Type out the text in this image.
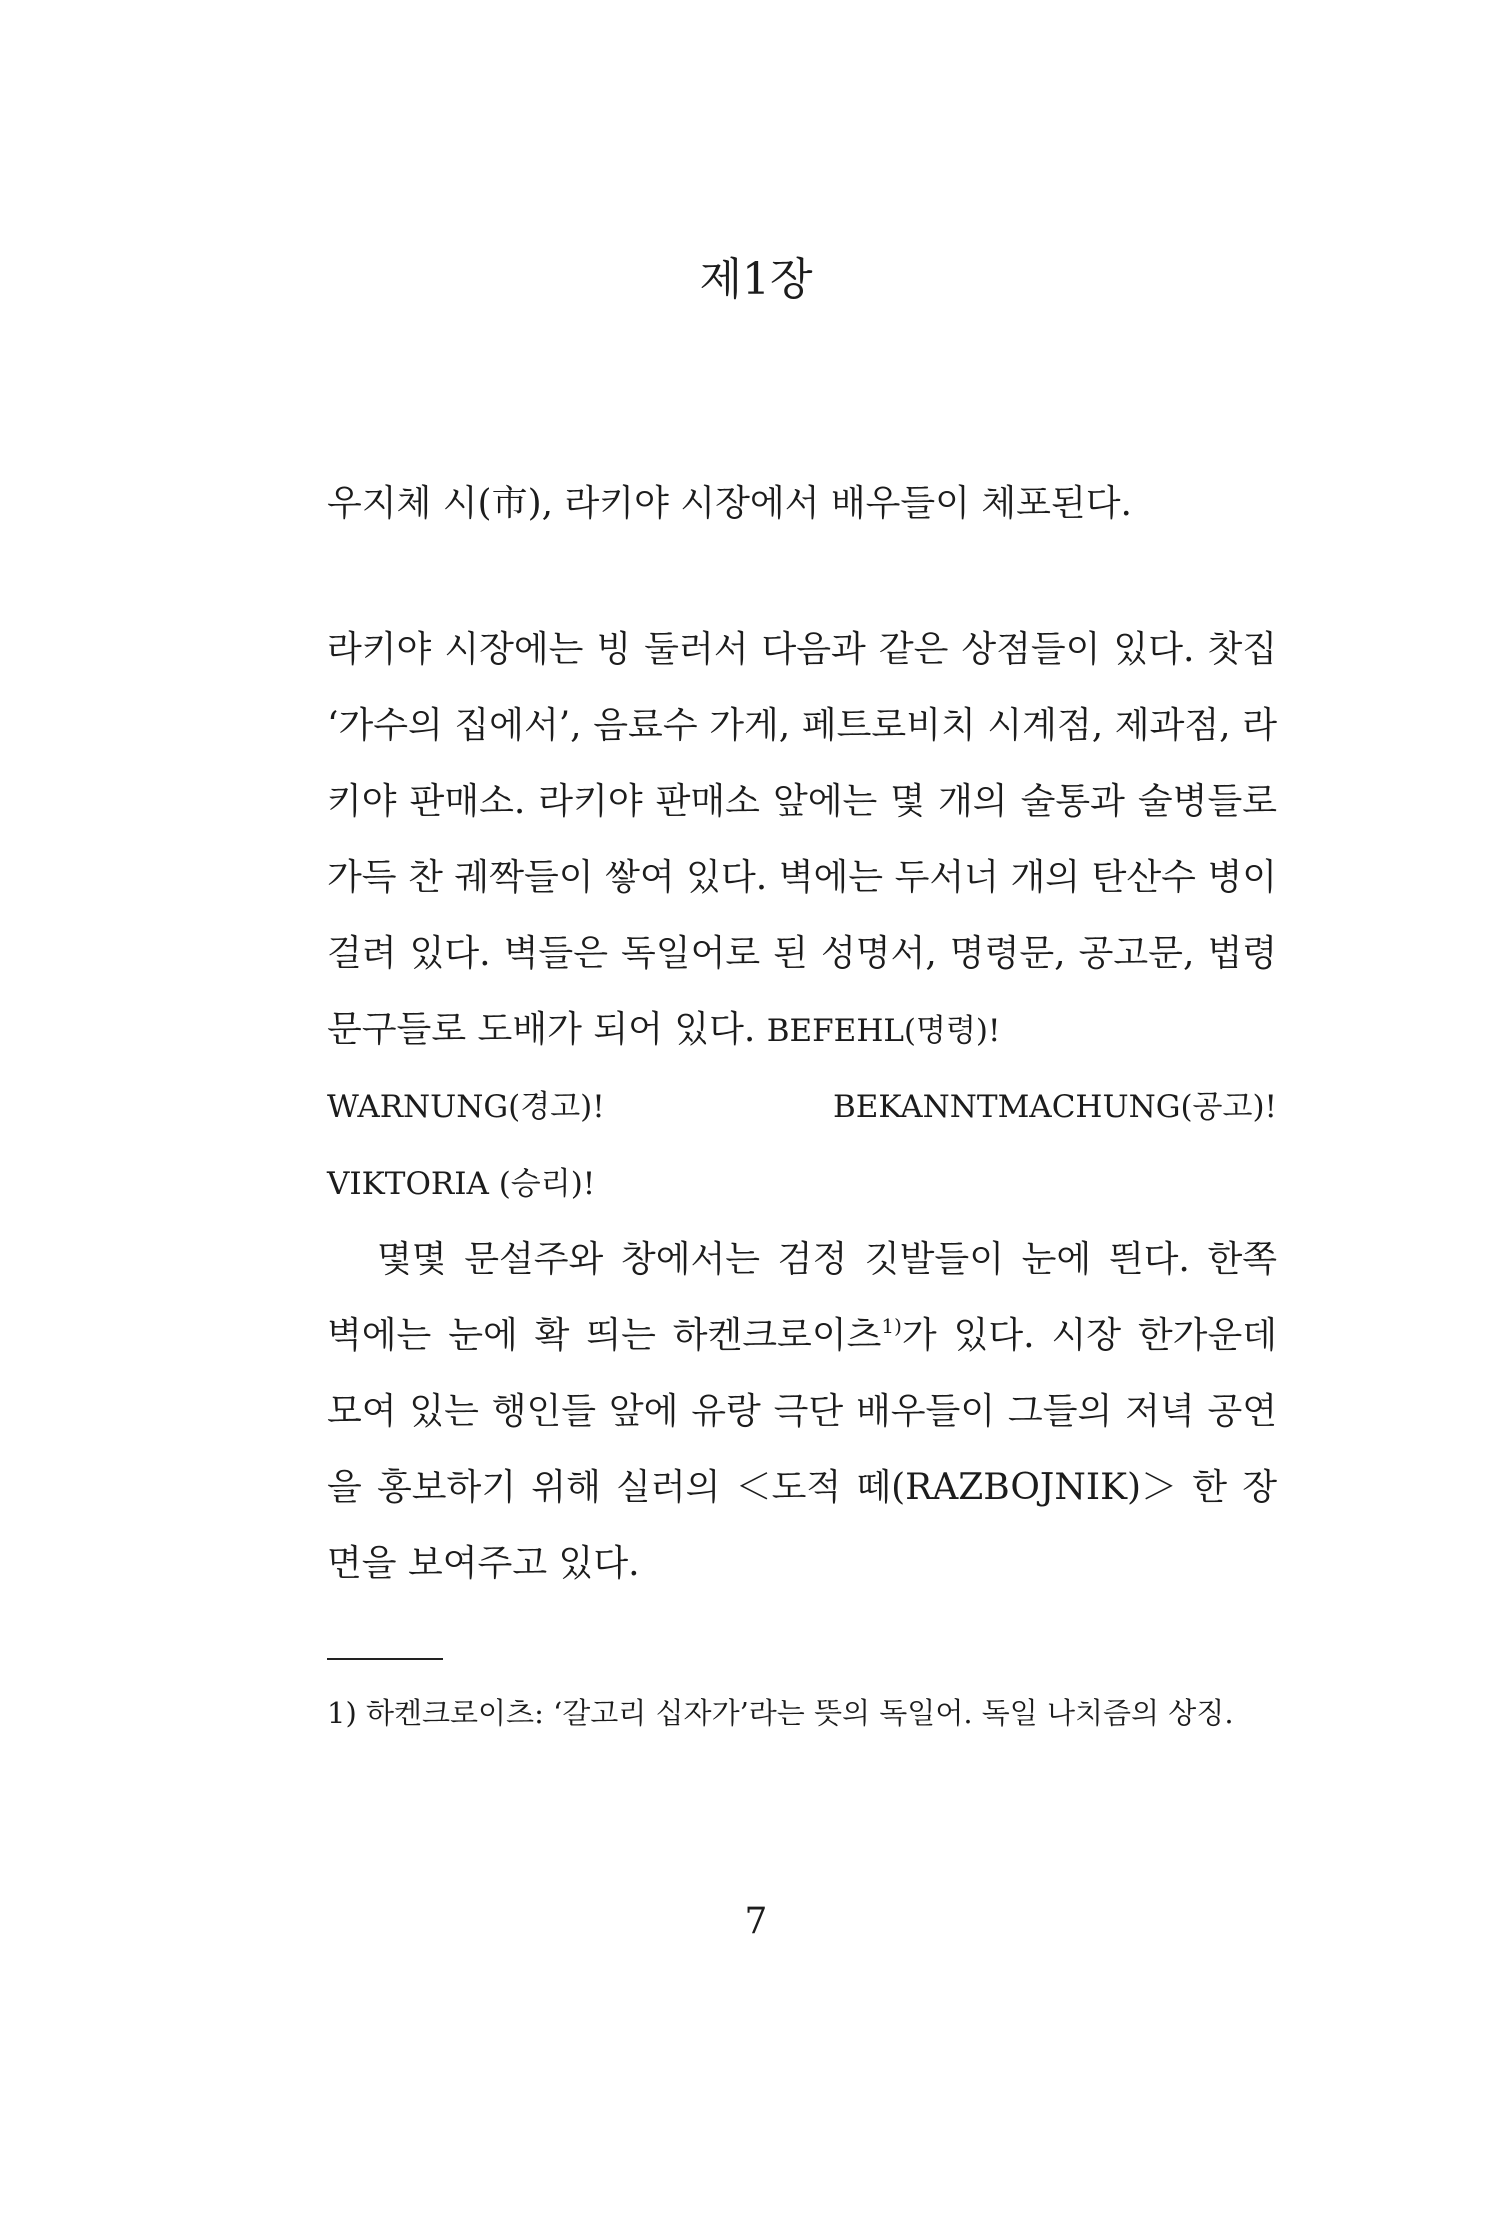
제1장

우지체 시(市), 라키야 시장에서 배우들이 체포된다.

라키야 시장에는 빙 둘러서 다음과 같은 상점들이 있다. 찻집 ‘가수의 집에서’, 음료수 가게, 페트로비치 시계점, 제과점, 라키야 판매소. 라키야 판매소 앞에는 몇 개의 술통과 술병들로 가득 찬 궤짝들이 쌓여 있다. 벽에는 두서너 개의 탄산수 병이 걸려 있다. 벽들은 독일어로 된 성명서, 명령문, 공고문, 법령 문구들로 도배가 되어 있다. BEFEHL(명령)!

WARNUNG(경고)!	BEKANNTMACHUNG(공고)!
VIKTORIA (승리)!

몇몇 문설주와 창에서는 검정 깃발들이 눈에 띈다. 한쪽 벽에는 눈에 확 띄는 하켄크로이츠$^{1)}$가 있다. 시장 한가운데 모여 있는 행인들 앞에 유랑 극단 배우들이 그들의 저녁 공연을 홍보하기 위해 실러의 ＜도적 떼(RAZBOJNIK)＞ 한 장면을 보여주고 있다.

1) 하켄크로이츠: ‘갈고리 십자가’라는 뜻의 독일어. 독일 나치즘의 상징.

7
